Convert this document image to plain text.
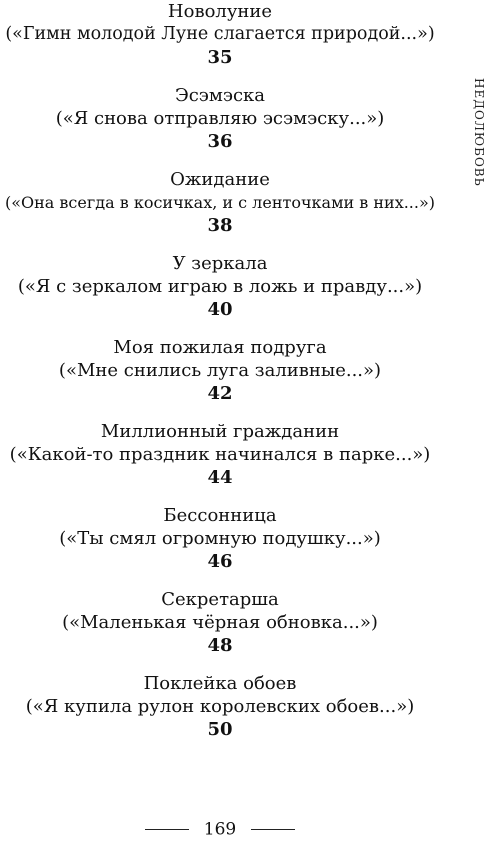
Новолуние
(«Гимн молодой Луне слагается природой...»)
35
Эсэмэска
(«Я снова отправляю эсэмэску...»)
36
Ожидание
(«Она всегда в косичках, и с ленточками в них...»)
38
У зеркала
(«Я с зеркалом играю в ложь и правду...»)
40
Моя пожилая подруга
(«Мне снились луга заливные...»)
42
Миллионный гражданин
(«Какой-то праздник начинался в парке...»)
44
Бессонница
(«Ты смял огромную подушку...»)
46
Секретарша
(«Маленькая чёрная обновка...»)
48
Поклейка обоев
(«Я купила рулон королевских обоев...»)
50
НЕДОЛЮБОВЬ
169
